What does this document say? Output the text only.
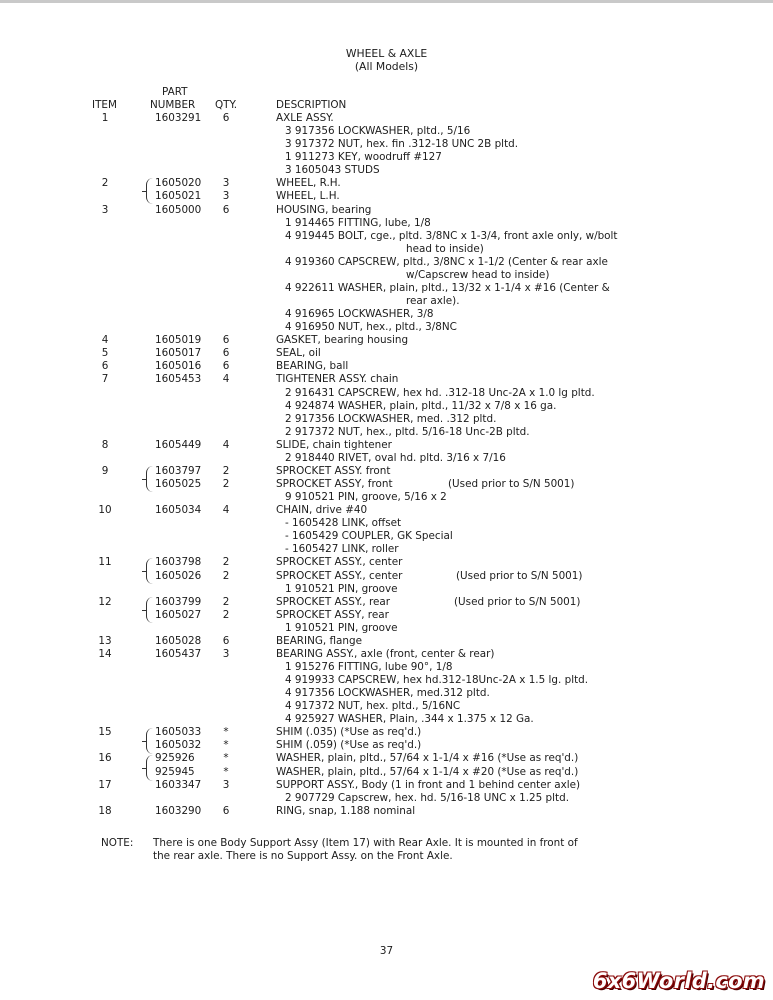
WHEEL & AXLE
(All Models)
PART
ITEM	NUMBER QTY.	DESCRIPTION
1	1603291	6	AXLE ASSY.
3 917356 LOCKWASHER, pltd., 5/16
3 917372 NUT, hex. fin .312-18 UNC 2B pltd.
1 911273 KEY, woodruff #127
3 1605043 STUDS
2	1605020	3	WHEEL, R.H.
1605021	3	WHEEL, L.H.
3	1605000	6	HOUSING, bearing
1 914465 FITTING, lube, 1/8
4 919445 BOLT, cge., pltd. 3/8NC x 1-3/4, front axle only, w/bolt
head to inside)
4 919360 CAPSCREW, pltd., 3/8NC x 1-1/2 (Center & rear axle
w/Capscrew head to inside)
4 922611 WASHER, plain, pltd., 13/32 x 1-1/4 x #16 (Center &
rear axle).
4 916965 LOCKWASHER, 3/8
4 916950 NUT, hex., pltd., 3/8NC
4	1605019	6	GASKET, bearing housing
5	1605017	6	SEAL, oil
6	1605016	6	BEARING, ball
7	1605453	4	TIGHTENER ASSY. chain
2 916431 CAPSCREW, hex hd. .312-18 Unc-2A x 1.0 lg pltd.
4 924874 WASHER, plain, pltd., 11/32 x 7/8 x 16 ga.
2 917356 LOCKWASHER, med. .312 pltd.
2 917372 NUT, hex., pltd. 5/16-18 Unc-2B pltd.
8	1605449	4	SLIDE, chain tightener
2 918440 RIVET, oval hd. pltd. 3/16 x 7/16
9	1603797	2	SPROCKET ASSY. front
1605025	2	SPROCKET ASSY, front	(Used prior to S/N 5001)
9 910521 PIN, groove, 5/16 x 2
10	1605034	4	CHAIN, drive #40
- 1605428 LINK, offset
- 1605429 COUPLER, GK Special
- 1605427 LINK, roller
11	1603798	2	SPROCKET ASSY., center
1605026	2	SPROCKET ASSY., center	(Used prior to S/N 5001)
1 910521 PIN, groove
12	1603799	2	SPROCKET ASSY., rear	(Used prior to S/N 5001)
1605027	2	SPROCKET ASSY, rear
1 910521 PIN, groove
13	1605028	6	BEARING, flange
14	1605437	3	BEARING ASSY., axle (front, center & rear)
1 915276 FITTING, lube 90°, 1/8
4 919933 CAPSCREW, hex hd.312-18Unc-2A x 1.5 lg. pltd.
4 917356 LOCKWASHER, med.312 pltd.
4 917372 NUT, hex. pltd., 5/16NC
4 925927 WASHER, Plain, .344 x 1.375 x 12 Ga.
15	1605033	*	SHIM (.035) (*Use as req'd.)
1605032	*	SHIM (.059) (*Use as req'd.)
16	925926	*	WASHER, plain, pltd., 57/64 x 1-1/4 x #16 (*Use as req'd.)
925945	*	WASHER, plain, pltd., 57/64 x 1-1/4 x #20 (*Use as req'd.)
17	1603347	3	SUPPORT ASSY., Body (1 in front and 1 behind center axle)
2 907729 Capscrew, hex. hd. 5/16-18 UNC x 1.25 pltd.
18	1603290	6	RING, snap, 1.188 nominal
NOTE: There is one Body Support Assy (Item 17) with Rear Axle. It is mounted in front of
the rear axle. There is no Support Assy. on the Front Axle.
37
6x6World.com
